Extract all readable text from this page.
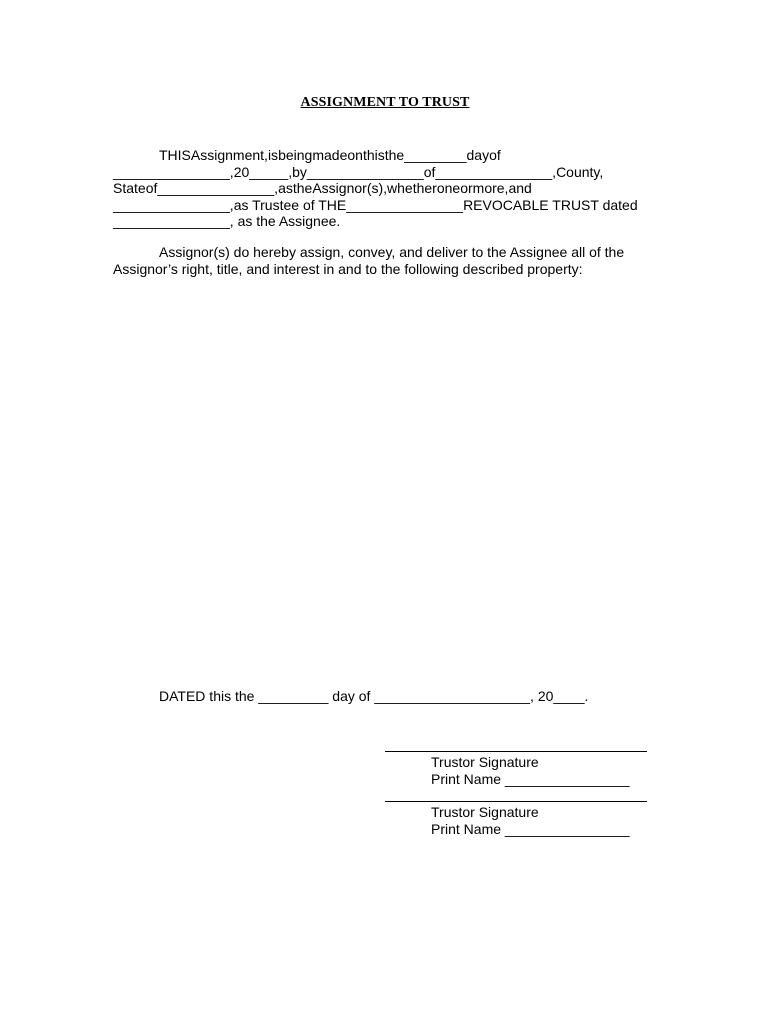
ASSIGNMENT TO TRUST
THISAssignment,isbeingmadeonthisthe________dayof
_______________,20_____,by_______________of_______________,County,
Stateof_______________,astheAssignor(s),whetheroneormore,and
_______________,as Trustee of THE_______________REVOCABLE TRUST dated
_______________, as the Assignee.
Assignor(s) do hereby assign, convey, and deliver to the Assignee all of the
Assignor’s right, title, and interest in and to the following described property:
DATED this the _________ day of ____________________, 20____.
Trustor Signature
Print Name ________________
Trustor Signature
Print Name ________________
